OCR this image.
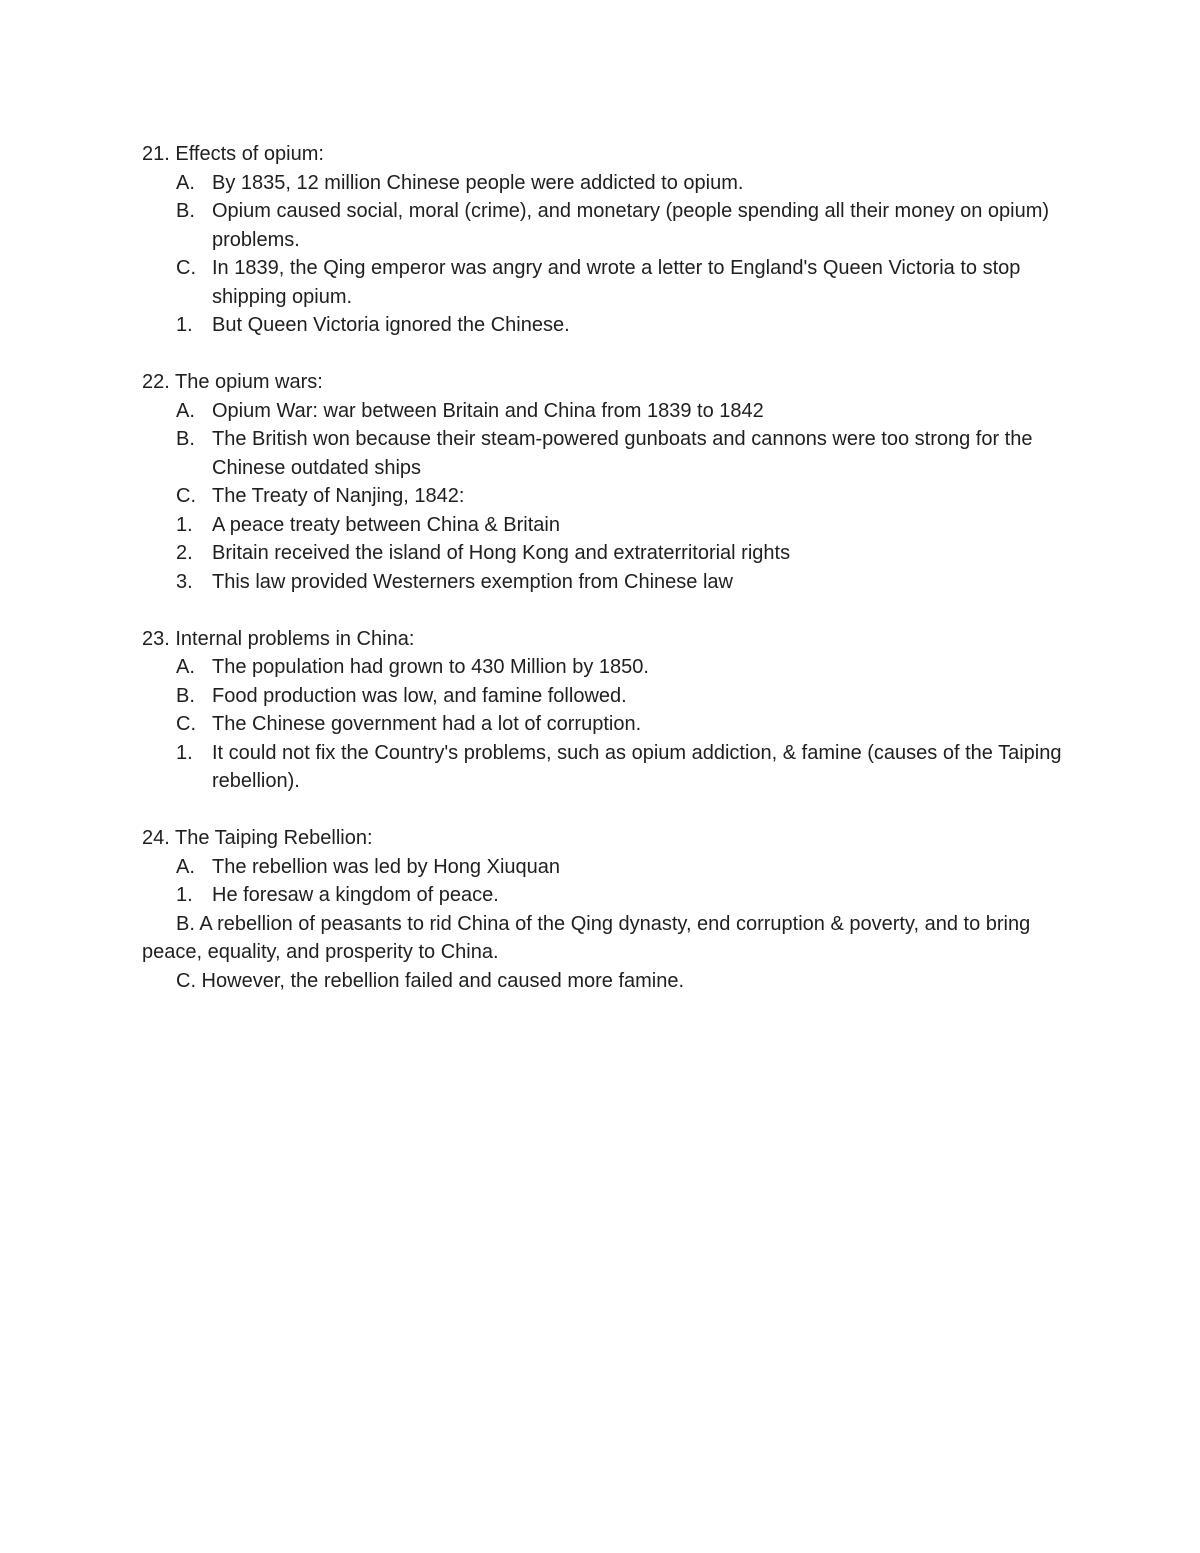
21. Effects of opium:
A. By 1835, 12 million Chinese people were addicted to opium.
B. Opium caused social, moral (crime), and monetary (people spending all their money on opium) problems.
C. In 1839, the Qing emperor was angry and wrote a letter to England's Queen Victoria to stop shipping opium.
1. But Queen Victoria ignored the Chinese.
22. The opium wars:
A. Opium War: war between Britain and China from 1839 to 1842
B. The British won because their steam-powered gunboats and cannons were too strong for the Chinese outdated ships
C. The Treaty of Nanjing, 1842:
1. A peace treaty between China & Britain
2. Britain received the island of Hong Kong and extraterritorial rights
3. This law provided Westerners exemption from Chinese law
23. Internal problems in China:
A. The population had grown to 430 Million by 1850.
B. Food production was low, and famine followed.
C. The Chinese government had a lot of corruption.
1. It could not fix the Country's problems, such as opium addiction, & famine (causes of the Taiping rebellion).
24. The Taiping Rebellion:
A. The rebellion was led by Hong Xiuquan
1. He foresaw a kingdom of peace.
B. A rebellion of peasants to rid China of the Qing dynasty, end corruption & poverty, and to bring peace, equality, and prosperity to China.
C. However, the rebellion failed and caused more famine.
